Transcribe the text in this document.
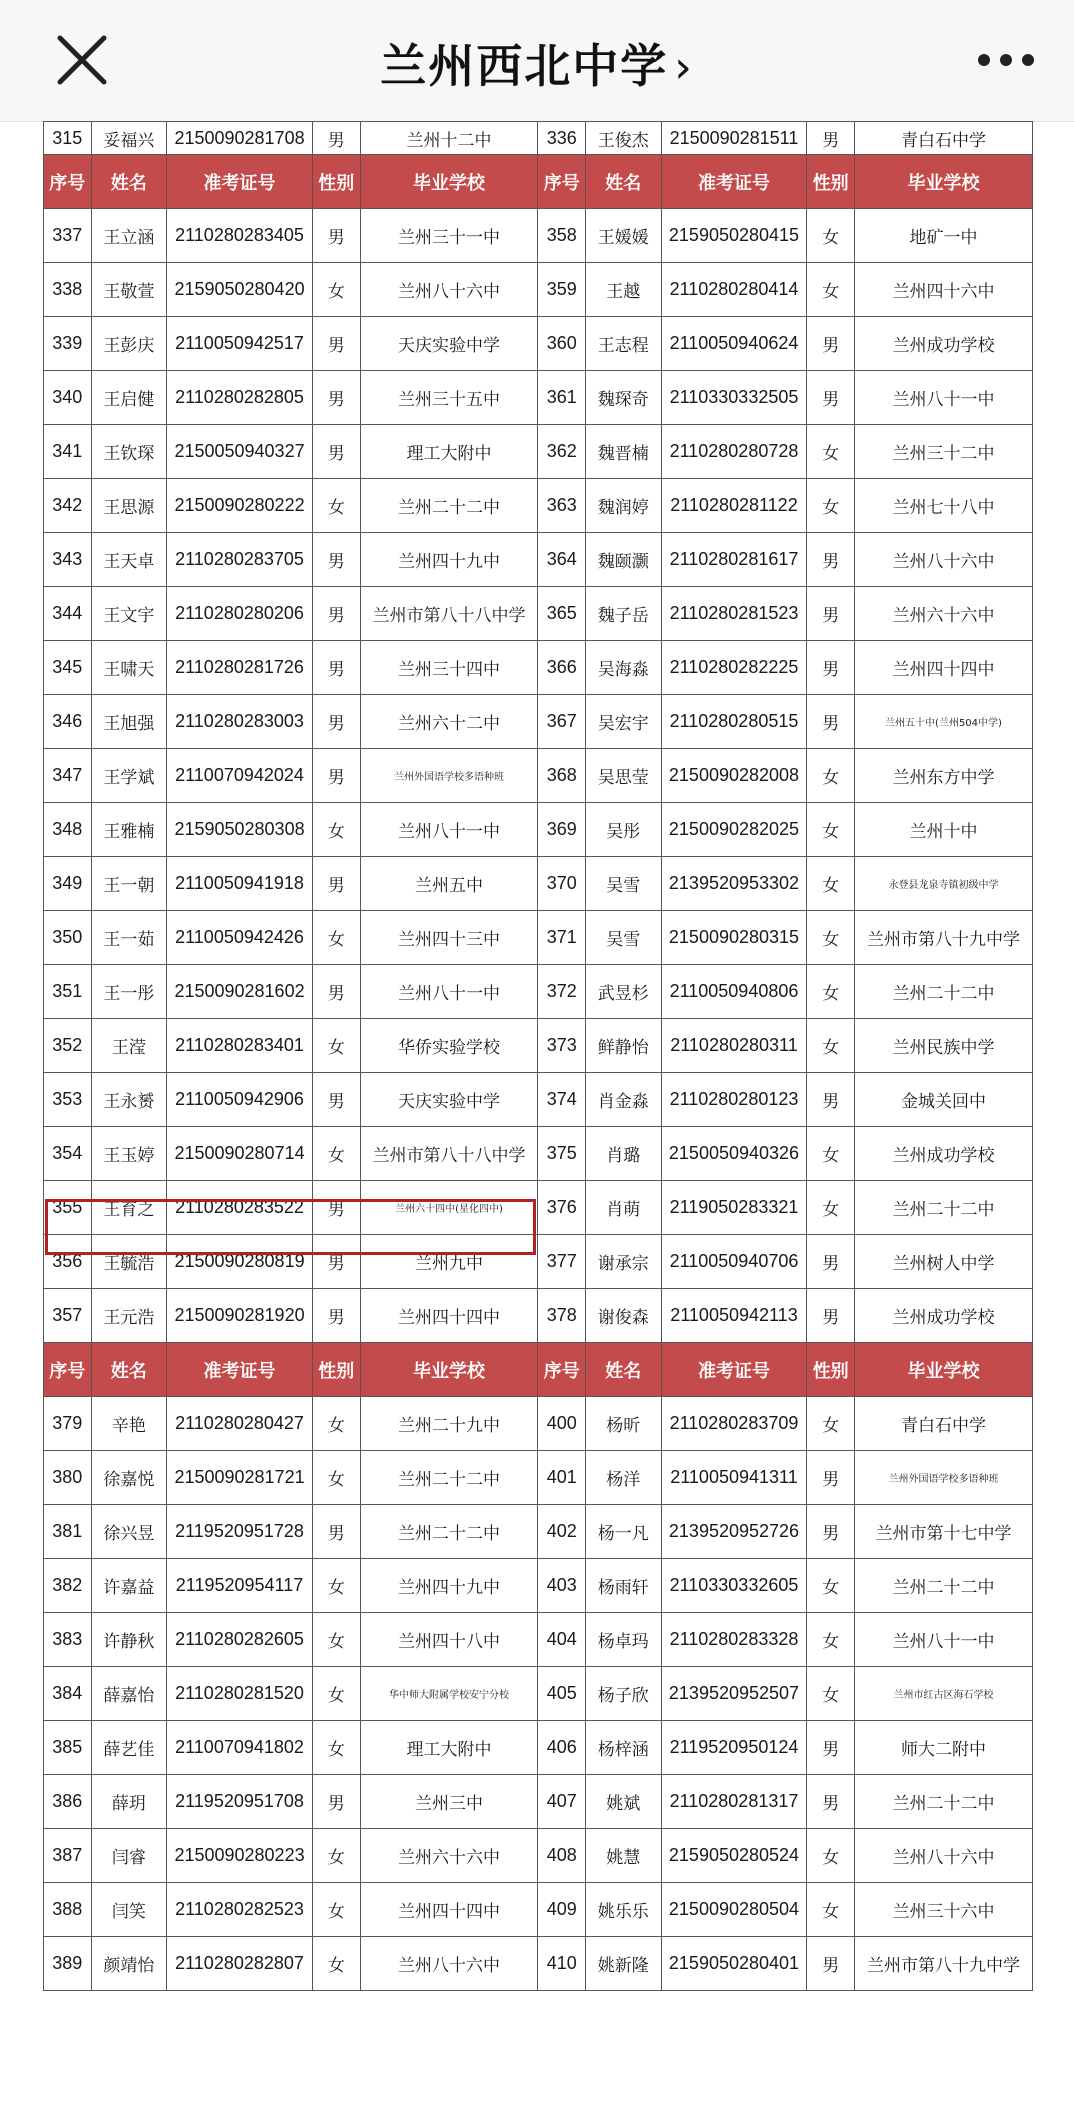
兰州西北中学 ›
315	妥福兴	2150090281708	男	兰州十二中	336	王俊杰	2150090281511	男	青白石中学
序号	姓名	准考证号	性别	毕业学校	序号	姓名	准考证号	性别	毕业学校
337	王立涵	2110280283405	男	兰州三十一中	358	王媛媛	2159050280415	女	地矿一中
338	王敬萱	2159050280420	女	兰州八十六中	359	王越	2110280280414	女	兰州四十六中
339	王彭庆	2110050942517	男	天庆实验中学	360	王志程	2110050940624	男	兰州成功学校
340	王启健	2110280282805	男	兰州三十五中	361	魏琛奇	2110330332505	男	兰州八十一中
341	王钦琛	2150050940327	男	理工大附中	362	魏晋楠	2110280280728	女	兰州三十二中
342	王思源	2150090280222	女	兰州二十二中	363	魏润婷	2110280281122	女	兰州七十八中
343	王天卓	2110280283705	男	兰州四十九中	364	魏颐灏	2110280281617	男	兰州八十六中
344	王文宇	2110280280206	男	兰州市第八十八中学	365	魏子岳	2110280281523	男	兰州六十六中
345	王啸天	2110280281726	男	兰州三十四中	366	吴海淼	2110280282225	男	兰州四十四中
346	王旭强	2110280283003	男	兰州六十二中	367	吴宏宇	2110280280515	男	兰州五十中(兰州504中学)
347	王学斌	2110070942024	男	兰州外国语学校多语种班	368	吴思莹	2150090282008	女	兰州东方中学
348	王雅楠	2159050280308	女	兰州八十一中	369	吴彤	2150090282025	女	兰州十中
349	王一朝	2110050941918	男	兰州五中	370	吴雪	2139520953302	女	永登县龙泉寺镇初级中学
350	王一茹	2110050942426	女	兰州四十三中	371	吴雪	2150090280315	女	兰州市第八十九中学
351	王一彤	2150090281602	男	兰州八十一中	372	武昱杉	2110050940806	女	兰州二十二中
352	王滢	2110280283401	女	华侨实验学校	373	鲜静怡	2110280280311	女	兰州民族中学
353	王永赟	2110050942906	男	天庆实验中学	374	肖金淼	2110280280123	男	金城关回中
354	王玉婷	2150090280714	女	兰州市第八十八中学	375	肖璐	2150050940326	女	兰州成功学校
355	王育之	2110280283522	男	兰州六十四中(星化四中)	376	肖萌	2119050283321	女	兰州二十二中
356	王毓浩	2150090280819	男	兰州九中	377	谢承宗	2110050940706	男	兰州树人中学
357	王元浩	2150090281920	男	兰州四十四中	378	谢俊森	2110050942113	男	兰州成功学校
序号	姓名	准考证号	性别	毕业学校	序号	姓名	准考证号	性别	毕业学校
379	辛艳	2110280280427	女	兰州二十九中	400	杨昕	2110280283709	女	青白石中学
380	徐嘉悦	2150090281721	女	兰州二十二中	401	杨洋	2110050941311	男	兰州外国语学校多语种班
381	徐兴昱	2119520951728	男	兰州二十二中	402	杨一凡	2139520952726	男	兰州市第十七中学
382	许嘉益	2119520954117	女	兰州四十九中	403	杨雨轩	2110330332605	女	兰州二十二中
383	许静秋	2110280282605	女	兰州四十八中	404	杨卓玛	2110280283328	女	兰州八十一中
384	薛嘉怡	2110280281520	女	华中师大附属学校安宁分校	405	杨子欣	2139520952507	女	兰州市红古区海石学校
385	薛艺佳	2110070941802	女	理工大附中	406	杨梓涵	2119520950124	男	师大二附中
386	薛玥	2119520951708	男	兰州三中	407	姚斌	2110280281317	男	兰州二十二中
387	闫睿	2150090280223	女	兰州六十六中	408	姚慧	2159050280524	女	兰州八十六中
388	闫笑	2110280282523	女	兰州四十四中	409	姚乐乐	2150090280504	女	兰州三十六中
389	颜靖怡	2110280282807	女	兰州八十六中	410	姚新隆	2159050280401	男	兰州市第八十九中学
